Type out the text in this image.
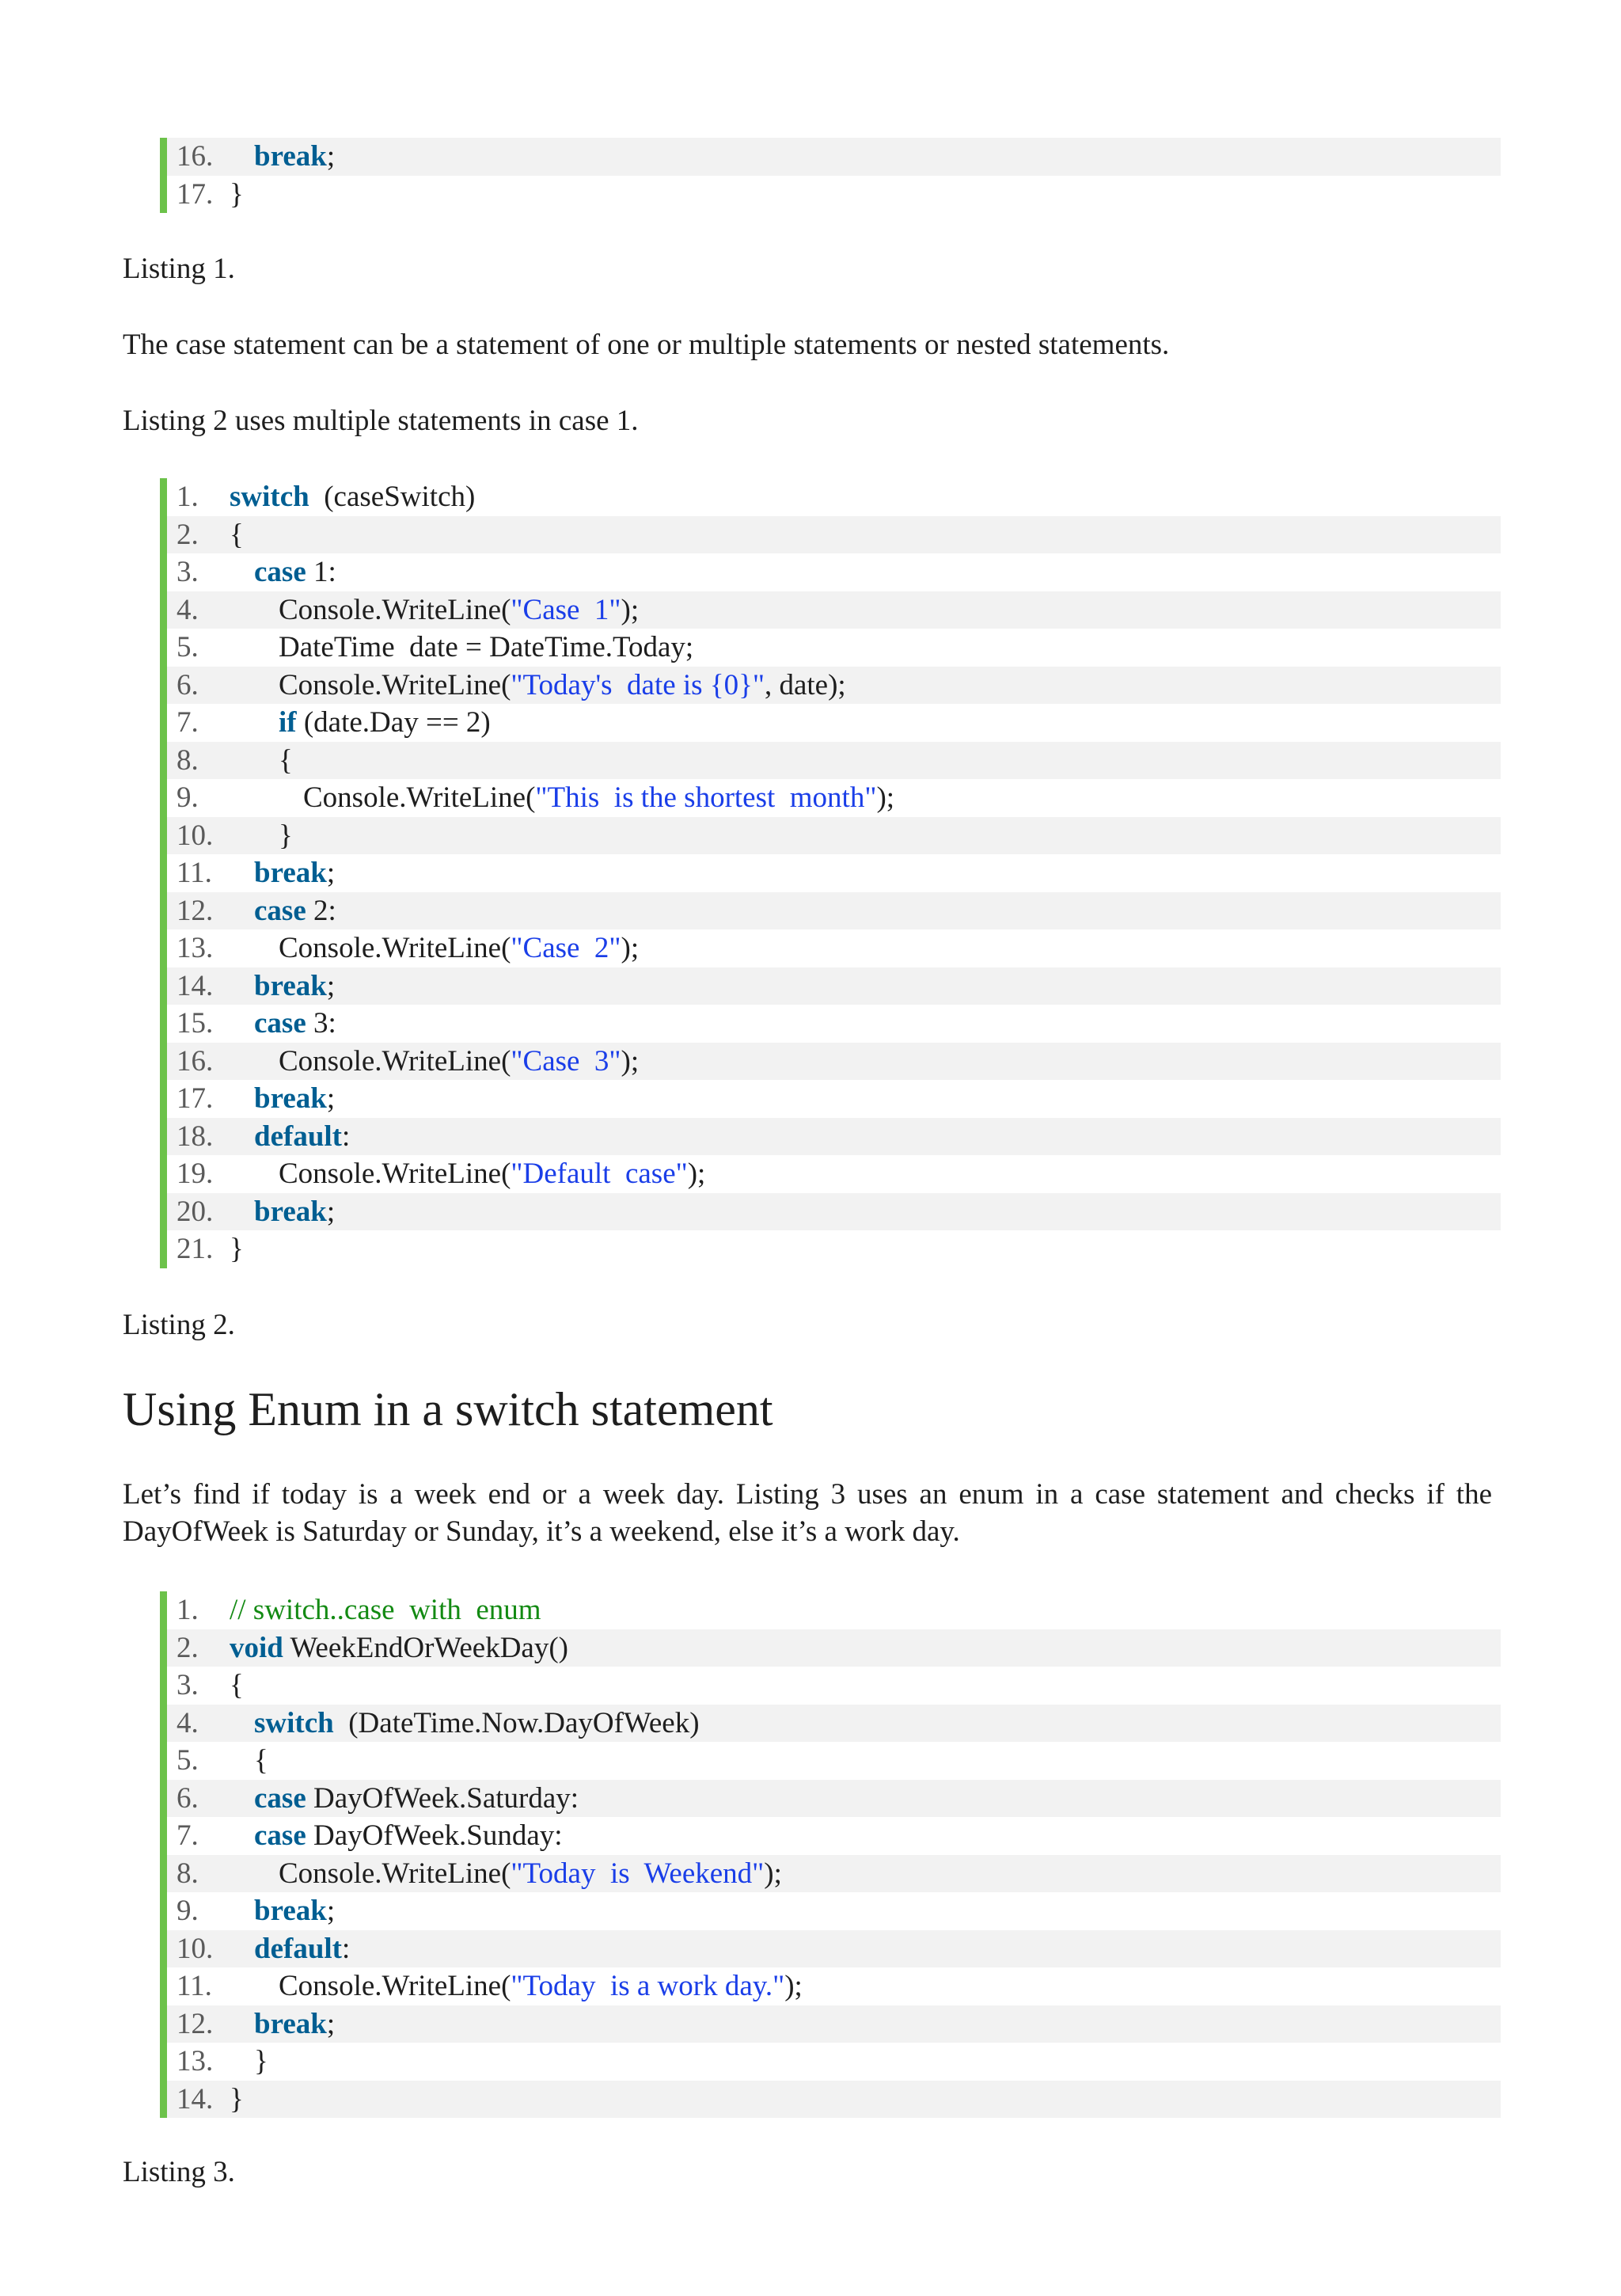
16. break;
17. }

Listing 1.

The case statement can be a statement of one or multiple statements or nested statements.

Listing 2 uses multiple statements in case 1.

1. switch  (caseSwitch)
2. {
3. case 1:
4.	Console.WriteLine("Case  1");
5.	DateTime  date = DateTime.Today;
6.	Console.WriteLine("Today's  date is {0}", date);
7.	if (date.Day == 2)
8.	{
9.	Console.WriteLine("This  is the shortest  month");
10. }
11. break;
12. case 2:
13. Console.WriteLine("Case  2");
14. break;
15. case 3:
16. Console.WriteLine("Case  3");
17. break;
18. default:
19. Console.WriteLine("Default  case");
20. break;
21. }

Listing 2.

Using Enum in a switch statement

Let’s find if today is a week end or a week day. Listing 3 uses an enum in a case statement and checks if the DayOfWeek is Saturday or Sunday, it’s a weekend, else it’s a work day.

1. // switch..case  with  enum
2. void WeekEndOrWeekDay()
3. {
4. switch  (DateTime.Now.DayOfWeek)
5. {
6. case DayOfWeek.Saturday:
7. case DayOfWeek.Sunday:
8.	Console.WriteLine("Today  is  Weekend");
9. break;
10. default:
11. Console.WriteLine("Today  is a work day.");
12. break;
13. }
14. }

Listing 3.
